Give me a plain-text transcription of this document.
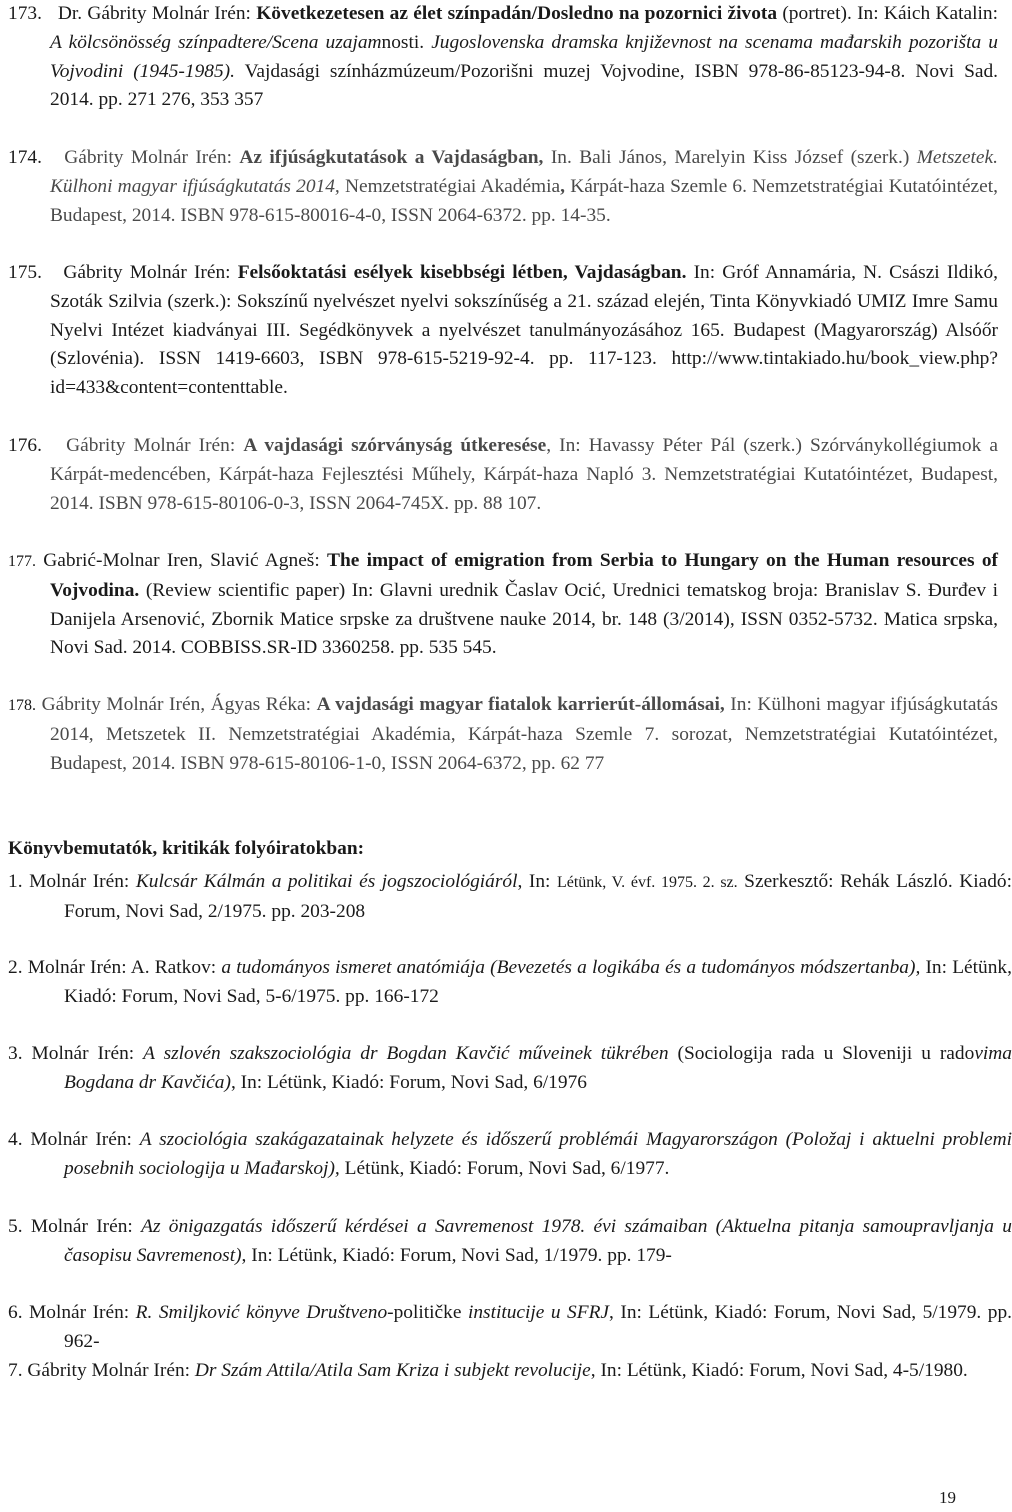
173. Dr. Gábrity Molnár Irén: Következetesen az élet színpadán/Dosledno na pozornici života (portret). In: Káich Katalin: A kölcsönösség színpadtere/Scena uzajamnosti. Jugoslovenska dramska književnost na scenama mađarskih pozorišta u Vojvodini (1945-1985). Vajdasági színházmúzeum/Pozorišni muzej Vojvodine, ISBN 978-86-85123-94-8. Novi Sad. 2014. pp. 271 276, 353 357
174. Gábrity Molnár Irén: Az ifjúságkutatások a Vajdaságban, In. Bali János, Marelyin Kiss József (szerk.) Metszetek. Külhoni magyar ifjúságkutatás 2014, Nemzetstratégiai Akadémia, Kárpát-haza Szemle 6. Nemzetstratégiai Kutatóintézet, Budapest, 2014. ISBN 978-615-80016-4-0, ISSN 2064-6372. pp. 14-35.
175. Gábrity Molnár Irén: Felsőoktatási esélyek kisebbségi létben, Vajdaságban. In: Gróf Annamária, N. Császi Ildikó, Szoták Szilvia (szerk.): Sokszínű nyelvészet nyelvi sokszínűség a 21. század elején, Tinta Könyvkiadó UMIZ Imre Samu Nyelvi Intézet kiadványai III. Segédkönyvek a nyelvészet tanulmányozásához 165. Budapest (Magyarország) Alsóőr (Szlovénia). ISSN 1419-6603, ISBN 978-615-5219-92-4. pp. 117-123. http://www.tintakiado.hu/book_view.php?id=433&content=contenttable.
176. Gábrity Molnár Irén: A vajdasági szórványság útkeresése, In: Havassy Péter Pál (szerk.) Szórványkollégiumok a Kárpát-medencében, Kárpát-haza Fejlesztési Műhely, Kárpát-haza Napló 3. Nemzetstratégiai Kutatóintézet, Budapest, 2014. ISBN 978-615-80106-0-3, ISSN 2064-745X. pp. 88 107.
177. Gabrić-Molnar Iren, Slavić Agneš: The impact of emigration from Serbia to Hungary on the Human resources of Vojvodina. (Review scientific paper) In: Glavni urednik Časlav Ocić, Urednici tematskog broja: Branislav S. Đurđev i Danijela Arsenović, Zbornik Matice srpske za društvene nauke 2014, br. 148 (3/2014), ISSN 0352-5732. Matica srpska, Novi Sad. 2014. COBBISS.SR-ID 3360258. pp. 535 545.
178. Gábrity Molnár Irén, Ágyas Réka: A vajdasági magyar fiatalok karrierút-állomásai, In: Külhoni magyar ifjúságkutatás 2014, Metszetek II. Nemzetstratégiai Akadémia, Kárpát-haza Szemle 7. sorozat, Nemzetstratégiai Kutatóintézet, Budapest, 2014. ISBN 978-615-80106-1-0, ISSN 2064-6372, pp. 62 77
Könyvbemutatók, kritikák folyóiratokban:
1. Molnár Irén: Kulcsár Kálmán a politikai és jogszociológiáról, In: Létünk, V. évf. 1975. 2. sz. Szerkesztő: Rehák László. Kiadó: Forum, Novi Sad, 2/1975. pp. 203-208
2. Molnár Irén: A. Ratkov: a tudományos ismeret anatómiája (Bevezetés a logikába és a tudományos módszertanba), In: Létünk, Kiadó: Forum, Novi Sad, 5-6/1975. pp. 166-172
3. Molnár Irén: A szlovén szakszociológia dr Bogdan Kavčić műveinek tükrében (Sociologija rada u Sloveniji u radovima Bogdana dr Kavčića), In: Létünk, Kiadó: Forum, Novi Sad, 6/1976
4. Molnár Irén: A szociológia szakágazatainak helyzete és időszerű problémái Magyarországon (Položaj i aktuelni problemi posebnih sociologija u Mađarskoj), Létünk, Kiadó: Forum, Novi Sad, 6/1977.
5. Molnár Irén: Az önigazgatás időszerű kérdései a Savremenost 1978. évi számaiban (Aktuelna pitanja samoupravljanja u časopisu Savremenost), In: Létünk, Kiadó: Forum, Novi Sad, 1/1979. pp. 179-
6. Molnár Irén: R. Smiljković könyve Društveno-političke institucije u SFRJ, In: Létünk, Kiadó: Forum, Novi Sad, 5/1979. pp. 962-
7. Gábrity Molnár Irén: Dr Szám Attila/Atila Sam Kriza i subjekt revolucije, In: Létünk, Kiadó: Forum, Novi Sad, 4-5/1980.
19
